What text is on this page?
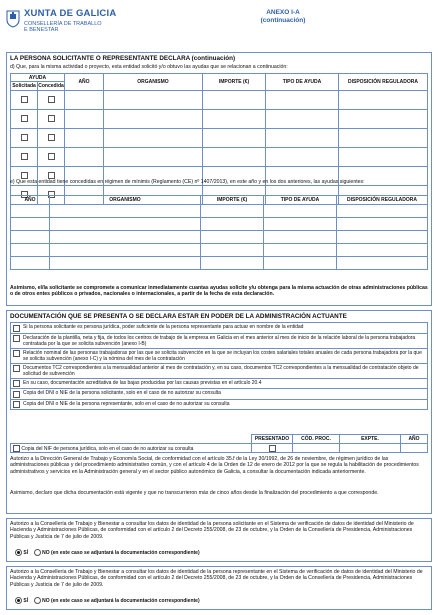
XUNTA DE GALICIA
CONSELLERÍA DE TRABALLO
E BENESTAR
ANEXO I-A
(continuación)
LA PERSONA SOLICITANTE O REPRESENTANTE DECLARA (continuación)
d) Que, para la misma actividad o proyecto, esta entidad solicitó y/o obtuvo las ayudas que se relacionan a continuación:
AYUDA		AÑO	ORGANISMO	IMPORTE (€)	TIPO DE AYUDA	DISPOSICIÓN REGULADORA
Solicitada	Concedida					

e) Que esta entidad tiene concedidas en régimen de mínimis (Reglamento (CE) nº 1407/2013), en este año y en los dos anteriores, las ayudas siguientes:
AÑO	ORGANISMO	IMPORTE (€)	TIPO DE AYUDA	DISPOSICIÓN REGULADORA

Asimismo, el/la solicitante se compromete a comunicar inmediatamente cuantas ayudas solicite y/u obtenga para la misma actuación de otras administraciones públicas o de otros entes públicos o privados, nacionales o internacionales, a partir de la fecha de esta declaración.
DOCUMENTACIÓN QUE SE PRESENTA O SE DECLARA ESTAR EN PODER DE LA ADMINISTRACIÓN ACTUANTE
Si la persona solicitante es persona jurídica, poder suficiente de la persona representante para actuar en nombre de la entidad
Declaración de la plantilla, neta y fija, de todos los centros de trabajo de la empresa en Galicia en el mes anterior al mes de inicio de la relación laboral de la persona trabajadora contratada por la que se solicita subvención (anexo I-B)
Relación nominal de las personas trabajadoras por las que se solicita subvención en la que se incluyan los costes salariales totales anuales de cada persona trabajadora por la que se solicita subvención (anexo I-C) y la nómina del mes de la contratación
Documentos TC2 correspondientes a la mensualidad anterior al mes de contratación y, en su caso, documentos TC2 correspondientes a la mensualidad de contratación objeto de solicitud de subvención
En su caso, documentación acreditativa de las bajas producidas por las causas previstas en el artículo 20.4
Copia del DNI o NIE de la persona solicitante, solo en el caso de no autorizar su consulta
Copia del DNI o NIE de la persona representante, solo en el caso de no autorizar su consulta
	PRESENTADO	CÓD. PROC.	EXPTE.	AÑO
Copia del NIF de persona jurídica, solo en el caso de no autorizar su consulta				
Autorizo a la Dirección General de Trabajo y Economía Social, de conformidad con el artículo 35.f de la Ley 30/1992, de 26 de noviembre, de régimen jurídico de las administraciones públicas y del procedimiento administrativo común, y con el artículo 4 de la Orden de 12 de enero de 2012 por la que se regula la habilitación de procedimientos administrativos y servicios en la Administración general y en el sector público autonómico de Galicia, a consultar la documentación indicada anteriormente.
Asimismo, declaro que dicha documentación está vigente y que no transcurrieron más de cinco años desde la finalización del procedimiento a que corresponde.
Autorizo a la Consellería de Trabajo y Bienestar a consultar los datos de identidad de la persona solicitante en el Sistema de verificación de datos de identidad del Ministerio de Hacienda y Administraciones Públicas, de conformidad con el artículo 2 del Decreto 255/2008, de 23 de octubre, y la Orden de la Consellería de Presidencia, Administraciones Públicas y Justicia de 7 de julio de 2009.
SÍ	NO (en este caso se adjuntará la documentación correspondiente)
Autorizo a la Consellería de Trabajo y Bienestar a consultar los datos de identidad de la persona representante en el Sistema de verificación de datos de identidad del Ministerio de Hacienda y Administraciones Públicas, de conformidad con el artículo 2 del Decreto 255/2008, de 23 de octubre, y la Orden de la Consellería de Presidencia, Administraciones Públicas y Justicia de 7 de julio de 2009.
SÍ	NO (en este caso se adjuntará la documentación correspondiente)
